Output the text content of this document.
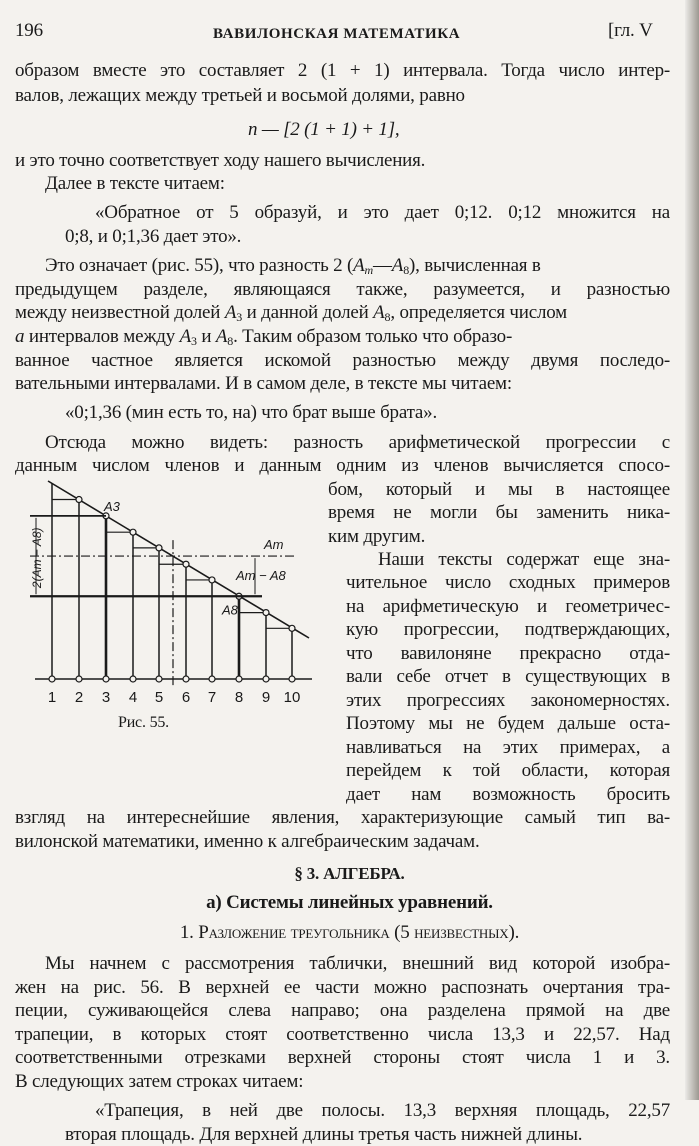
196	ВАВИЛОНСКАЯ МАТЕМАТИКА	[гл. V
образом вместе это составляет 2 (1 + 1) интервала. Тогда число интер-
валов, лежащих между третьей и восьмой долями, равно
n — [2 (1 + 1) + 1],
и это точно соответствует ходу нашего вычисления.
Далее в тексте читаем:
«Обратное от 5 образуй, и это дает 0;12. 0;12 множится на
0;8, и 0;1,36 дает это».
Это означает (рис. 55), что разность 2 $(A_m—A_8)$, вычисленная в
предыдущем разделе, являющаяся также, разумеется, и разностью
между неизвестной долей $A_3$ и данной долей $A_8$, определяется числом
a интервалов между $A_3$ и $A_8$. Таким образом только что образо-
ванное частное является искомой разностью между двумя последо-
вательными интервалами. И в самом деле, в тексте мы читаем:
«0;1,36 (мин есть то, на) что брат выше брата».
Отсюда можно видеть: разность арифметической прогрессии с
данным числом членов и данным одним из членов вычисляется спосо-
бом, который и мы в настоящее
время не могли бы заменить ника-
ким другим.
Наши тексты содержат еще зна-
чительное число сходных примеров
на арифметическую и геометричес-
кую прогрессии, подтверждающих,
что вавилоняне прекрасно отда-
вали себе отчет в существующих в
этих прогрессиях закономерностях.
Поэтому мы не будем дальше оста-
навливаться на этих примерах, а
перейдем к той области, которая
дает нам возможность бросить
взгляд на интереснейшие явления, характеризующие самый тип ва-
вилонской математики, именно к алгебраическим задачам.
§ 3. АЛГЕБРА.
а) Системы линейных уравнений.
1. Разложение треугольника (5 неизвестных).
Мы начнем с рассмотрения таблички, внешний вид которой изобра-
жен на рис. 56. В верхней ее части можно распознать очертания тра-
пеции, суживающейся слева направо; она разделена прямой на две
трапеции, в которых стоят соответственно числа 13,3 и 22,57. Над
соответственными отрезками верхней стороны стоят числа 1 и 3.
В следующих затем строках читаем:
«Трапеция, в ней две полосы. 13,3 верхняя площадь, 22,57
вторая площадь. Для верхней длины третья часть нижней длины.
1 2 3 4 5 6 7 8 9 10
A3
A8
Am
Am − A8
2(Am − A8)
Рис. 55.
